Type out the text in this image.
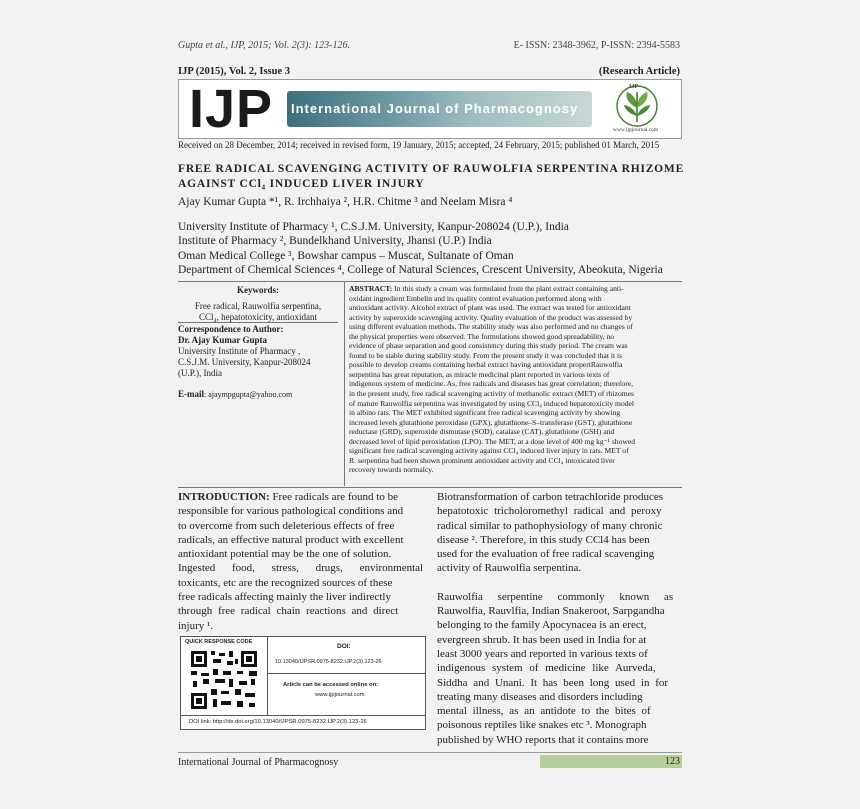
Gupta et al., IJP, 2015; Vol. 2(3): 123-126.	E- ISSN: 2348-3962, P-ISSN: 2394-5583
IJP (2015), Vol. 2, Issue 3	(Research Article)
IJP International Journal of Pharmacognosy
IJP
www.ijpjournal.com
Received on 28 December, 2014; received in revised form, 19 January, 2015; accepted, 24 February, 2015; published 01 March, 2015
FREE RADICAL SCAVENGING ACTIVITY OF RAUWOLFIA SERPENTINA RHIZOME
AGAINST CCl₄ INDUCED LIVER INJURY
Ajay Kumar Gupta *¹, R. Irchhaiya ², H.R. Chitme ³ and Neelam Misra ⁴
University Institute of Pharmacy ¹, C.S.J.M. University, Kanpur-208024 (U.P.), India
Institute of Pharmacy ², Bundelkhand University, Jhansi (U.P.) India
Oman Medical College ³, Bowshar campus – Muscat, Sultanate of Oman
Department of Chemical Sciences ⁴, College of Natural Sciences, Crescent University, Abeokuta, Nigeria
Keywords:
Free radical, Rauwolfia serpentina,
CCl₄, hepatotoxicity, antioxidant
Correspondence to Author:
Dr. Ajay Kumar Gupta
University Institute of Pharmacy ,
C.S.J.M. University, Kanpur-208024
(U.P.), India
E-mail: ajaympgupta@yahoo.com
ABSTRACT: In this study a cream was formulated from the plant extract containing anti-
oxidant ingredient Embelin and its quality control evaluation performed along with
antioxidant activity. Alcohol extract of plant was used. The extract was tested for antioxidant
activity by superoxide scavenging activity. Quality evaluation of the product was assessed by
using different evaluation methods. The stability study was also performed and no changes of
the physical properties were observed. The formulations showed good spreadability, no
evidence of phase separation and good consistency during this study period. The cream was
found to be stable during stability study. From the present study it was concluded that it is
possible to develop creams containing herbal extract having antioxidant propertRauwolfia
serpentina has great reputation, as miracle medicinal plant reported in various texts of
indigenous system of medicine. As, free radicals and diseases has great correlation; therefore,
in the present study, free radical scavenging activity of methanolic extract (MET) of rhizomes
of mature Rauwolfia serpentina was investigated by using CCl₄ induced hepatotoxicity model
in albino rats. The MET exhibited significant free radical scavenging activity by showing
increased levels glutathione peroxidase (GPX), glutathione–S–transferase (GST), glutathione
reductase (GRD), superoxide dismutase (SOD), catalase (CAT), glutathione (GSH) and
decreased level of lipid peroxidation (LPO). The MET, at a dose level of 400 mg kg⁻¹ showed
significant free radical scavenging activity against CCl₄ induced liver injury in rats. MET of
R. serpentina had been shown prominent antioxidant activity and CCl₄ intoxicated liver
recovery towards normalcy.
INTRODUCTION: Free radicals are found to be
responsible for various pathological conditions and
to overcome from such deleterious effects of free
radicals, an effective natural product with excellent
antioxidant potential may be the one of solution.
Ingested food, stress, drugs, environmental
toxicants, etc are the recognized sources of these
free radicals affecting mainly the liver indirectly
through free radical chain reactions and direct
injury ¹.
QUICK RESPONSE CODE
DOI:
10.13040/IJPSR.0975-8232.IJP.2(3).123-26
Article can be accessed online on:
www.ijpjournal.com
DOI link: http://dx.doi.org/10.13040/IJPSR.0975-8232.IJP.2(3).123-26
Biotransformation of carbon tetrachloride produces
hepatotoxic tricholoromethyl radical and peroxy
radical similar to pathophysiology of many chronic
disease ². Therefore, in this study CCl4 has been
used for the evaluation of free radical scavenging
activity of Rauwolfia serpentina.
Rauwolfia serpentine commonly known as
Rauwolfia, Rauvlfia, Indian Snakeroot, Sarpgandha
belonging to the family Apocynacea is an erect,
evergreen shrub. It has been used in India for at
least 3000 years and reported in various texts of
indigenous system of medicine like Aurveda,
Siddha and Unani. It has been long used in for
treating many diseases and disorders including
mental illness, as an antidote to the bites of
poisonous reptiles like snakes etc ³. Monograph
published by WHO reports that it contains more
International Journal of Pharmacognosy	123
